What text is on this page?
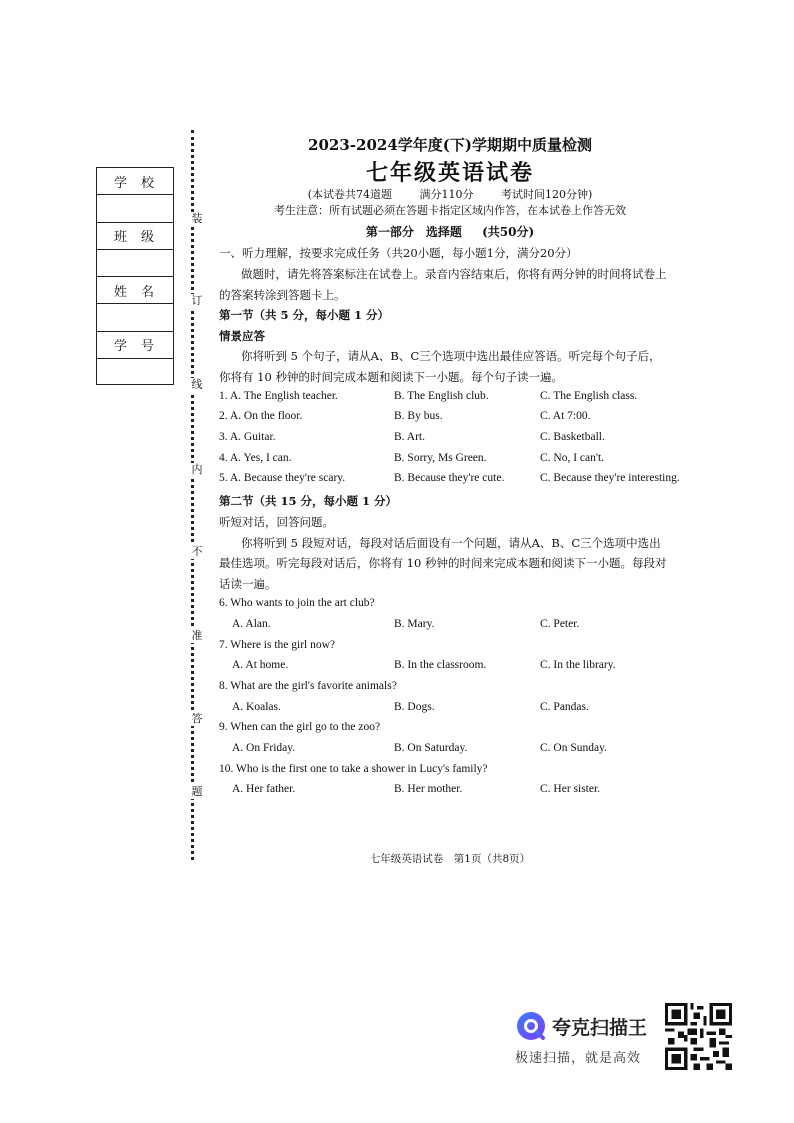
学校
班级
姓名
学号
装
订
线
内
不
准
答
题
2023-2024学年度(下)学期期中质量检测
七年级英语试卷
(本试卷共74道题	满分110分	考试时间120分钟)
考生注意：所有试题必须在答题卡指定区域内作答，在本试卷上作答无效
第一部分　选择题 (共50分)
一、听力理解，按要求完成任务（共20小题，每小题1分，满分20分）
做题时，请先将答案标注在试卷上。录音内容结束后，你将有两分钟的时间将试卷上
的答案转涂到答题卡上。
第一节（共 5 分，每小题 1 分）
情景应答
你将听到 5 个句子，请从A、B、C三个选项中选出最佳应答语。听完每个句子后，
你将有 10 秒钟的时间完成本题和阅读下一小题。每个句子读一遍。
1. A. The English teacher.	B. The English club.	C. The English class.
2. A. On the floor.	B. By bus.	C. At 7:00.
3. A. Guitar.	B. Art.	C. Basketball.
4. A. Yes, I can.	B. Sorry, Ms Green.	C. No, I can't.
5. A. Because they're scary.	B. Because they're cute.	C. Because they're interesting.
第二节（共 15 分，每小题 1 分）
听短对话，回答问题。
你将听到 5 段短对话，每段对话后面设有一个问题，请从A、B、C三个选项中选出
最佳选项。听完每段对话后，你将有 10 秒钟的时间来完成本题和阅读下一小题。每段对
话读一遍。
6. Who wants to join the art club?
A. Alan.	B. Mary.	C. Peter.
7. Where is the girl now?
A. At home.	B. In the classroom.	C. In the library.
8. What are the girl's favorite animals?
A. Koalas.	B. Dogs.	C. Pandas.
9. When can the girl go to the zoo?
A. On Friday.	B. On Saturday.	C. On Sunday.
10. Who is the first one to take a shower in Lucy's family?
A. Her father.	B. Her mother.	C. Her sister.
七年级英语试卷　第1页（共8页）
夸克扫描王
极速扫描，就是高效
